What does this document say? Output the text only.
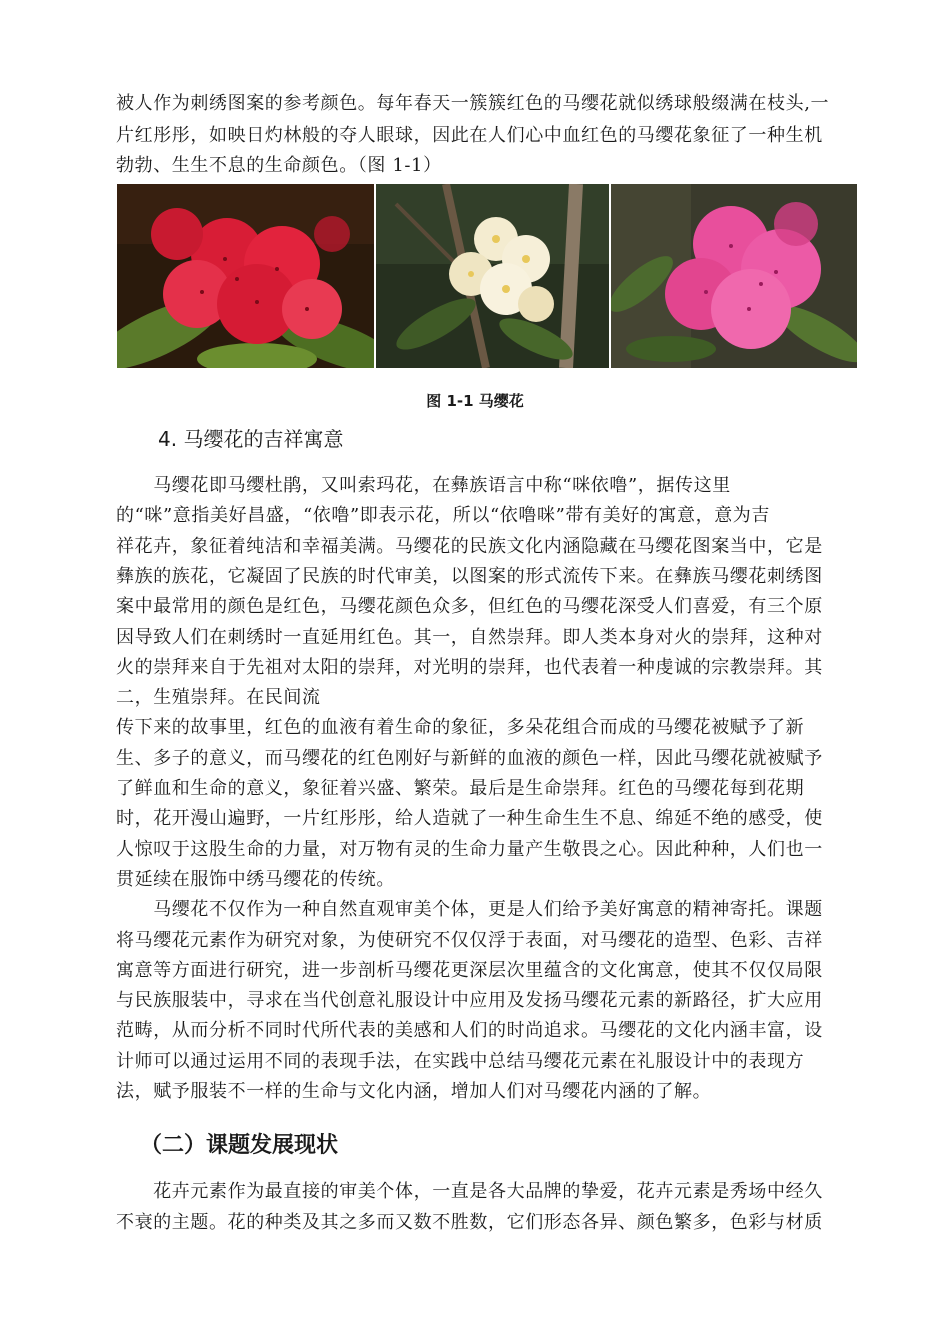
被人作为刺绣图案的参考颜色。每年春天一簇簇红色的马缨花就似绣球般缀满在枝头,一
片红彤彤，如映日灼林般的夺人眼球，因此在人们心中血红色的马缨花象征了一种生机
勃勃、生生不息的生命颜色。（图 1-1）
图 1-1 马缨花
4. 马缨花的吉祥寓意
　　马缨花即马缨杜鹃，又叫索玛花，在彝族语言中称“咪依噜”，据传这里
的“咪”意指美好昌盛，“依噜”即表示花，所以“依噜咪”带有美好的寓意，意为吉
祥花卉，象征着纯洁和幸福美满。马缨花的民族文化内涵隐藏在马缨花图案当中，它是
彝族的族花，它凝固了民族的时代审美，以图案的形式流传下来。在彝族马缨花刺绣图
案中最常用的颜色是红色，马缨花颜色众多，但红色的马缨花深受人们喜爱，有三个原
因导致人们在刺绣时一直延用红色。其一，自然崇拜。即人类本身对火的崇拜，这种对
火的崇拜来自于先祖对太阳的崇拜，对光明的崇拜，也代表着一种虔诚的宗教崇拜。其
二，生殖崇拜。在民间流
传下来的故事里，红色的血液有着生命的象征，多朵花组合而成的马缨花被赋予了新
生、多子的意义，而马缨花的红色刚好与新鲜的血液的颜色一样，因此马缨花就被赋予
了鲜血和生命的意义，象征着兴盛、繁荣。最后是生命崇拜。红色的马缨花每到花期
时，花开漫山遍野，一片红彤彤，给人造就了一种生命生生不息、绵延不绝的感受，使
人惊叹于这股生命的力量，对万物有灵的生命力量产生敬畏之心。因此种种，人们也一
贯延续在服饰中绣马缨花的传统。
　　马缨花不仅作为一种自然直观审美个体，更是人们给予美好寓意的精神寄托。课题
将马缨花元素作为研究对象，为使研究不仅仅浮于表面，对马缨花的造型、色彩、吉祥
寓意等方面进行研究，进一步剖析马缨花更深层次里蕴含的文化寓意，使其不仅仅局限
与民族服装中，寻求在当代创意礼服设计中应用及发扬马缨花元素的新路径，扩大应用
范畴，从而分析不同时代所代表的美感和人们的时尚追求。马缨花的文化内涵丰富，设
计师可以通过运用不同的表现手法，在实践中总结马缨花元素在礼服设计中的表现方
法，赋予服装不一样的生命与文化内涵，增加人们对马缨花内涵的了解。
（二）课题发展现状
　　花卉元素作为最直接的审美个体，一直是各大品牌的挚爱，花卉元素是秀场中经久
不衰的主题。花的种类及其之多而又数不胜数，它们形态各异、颜色繁多，色彩与材质
